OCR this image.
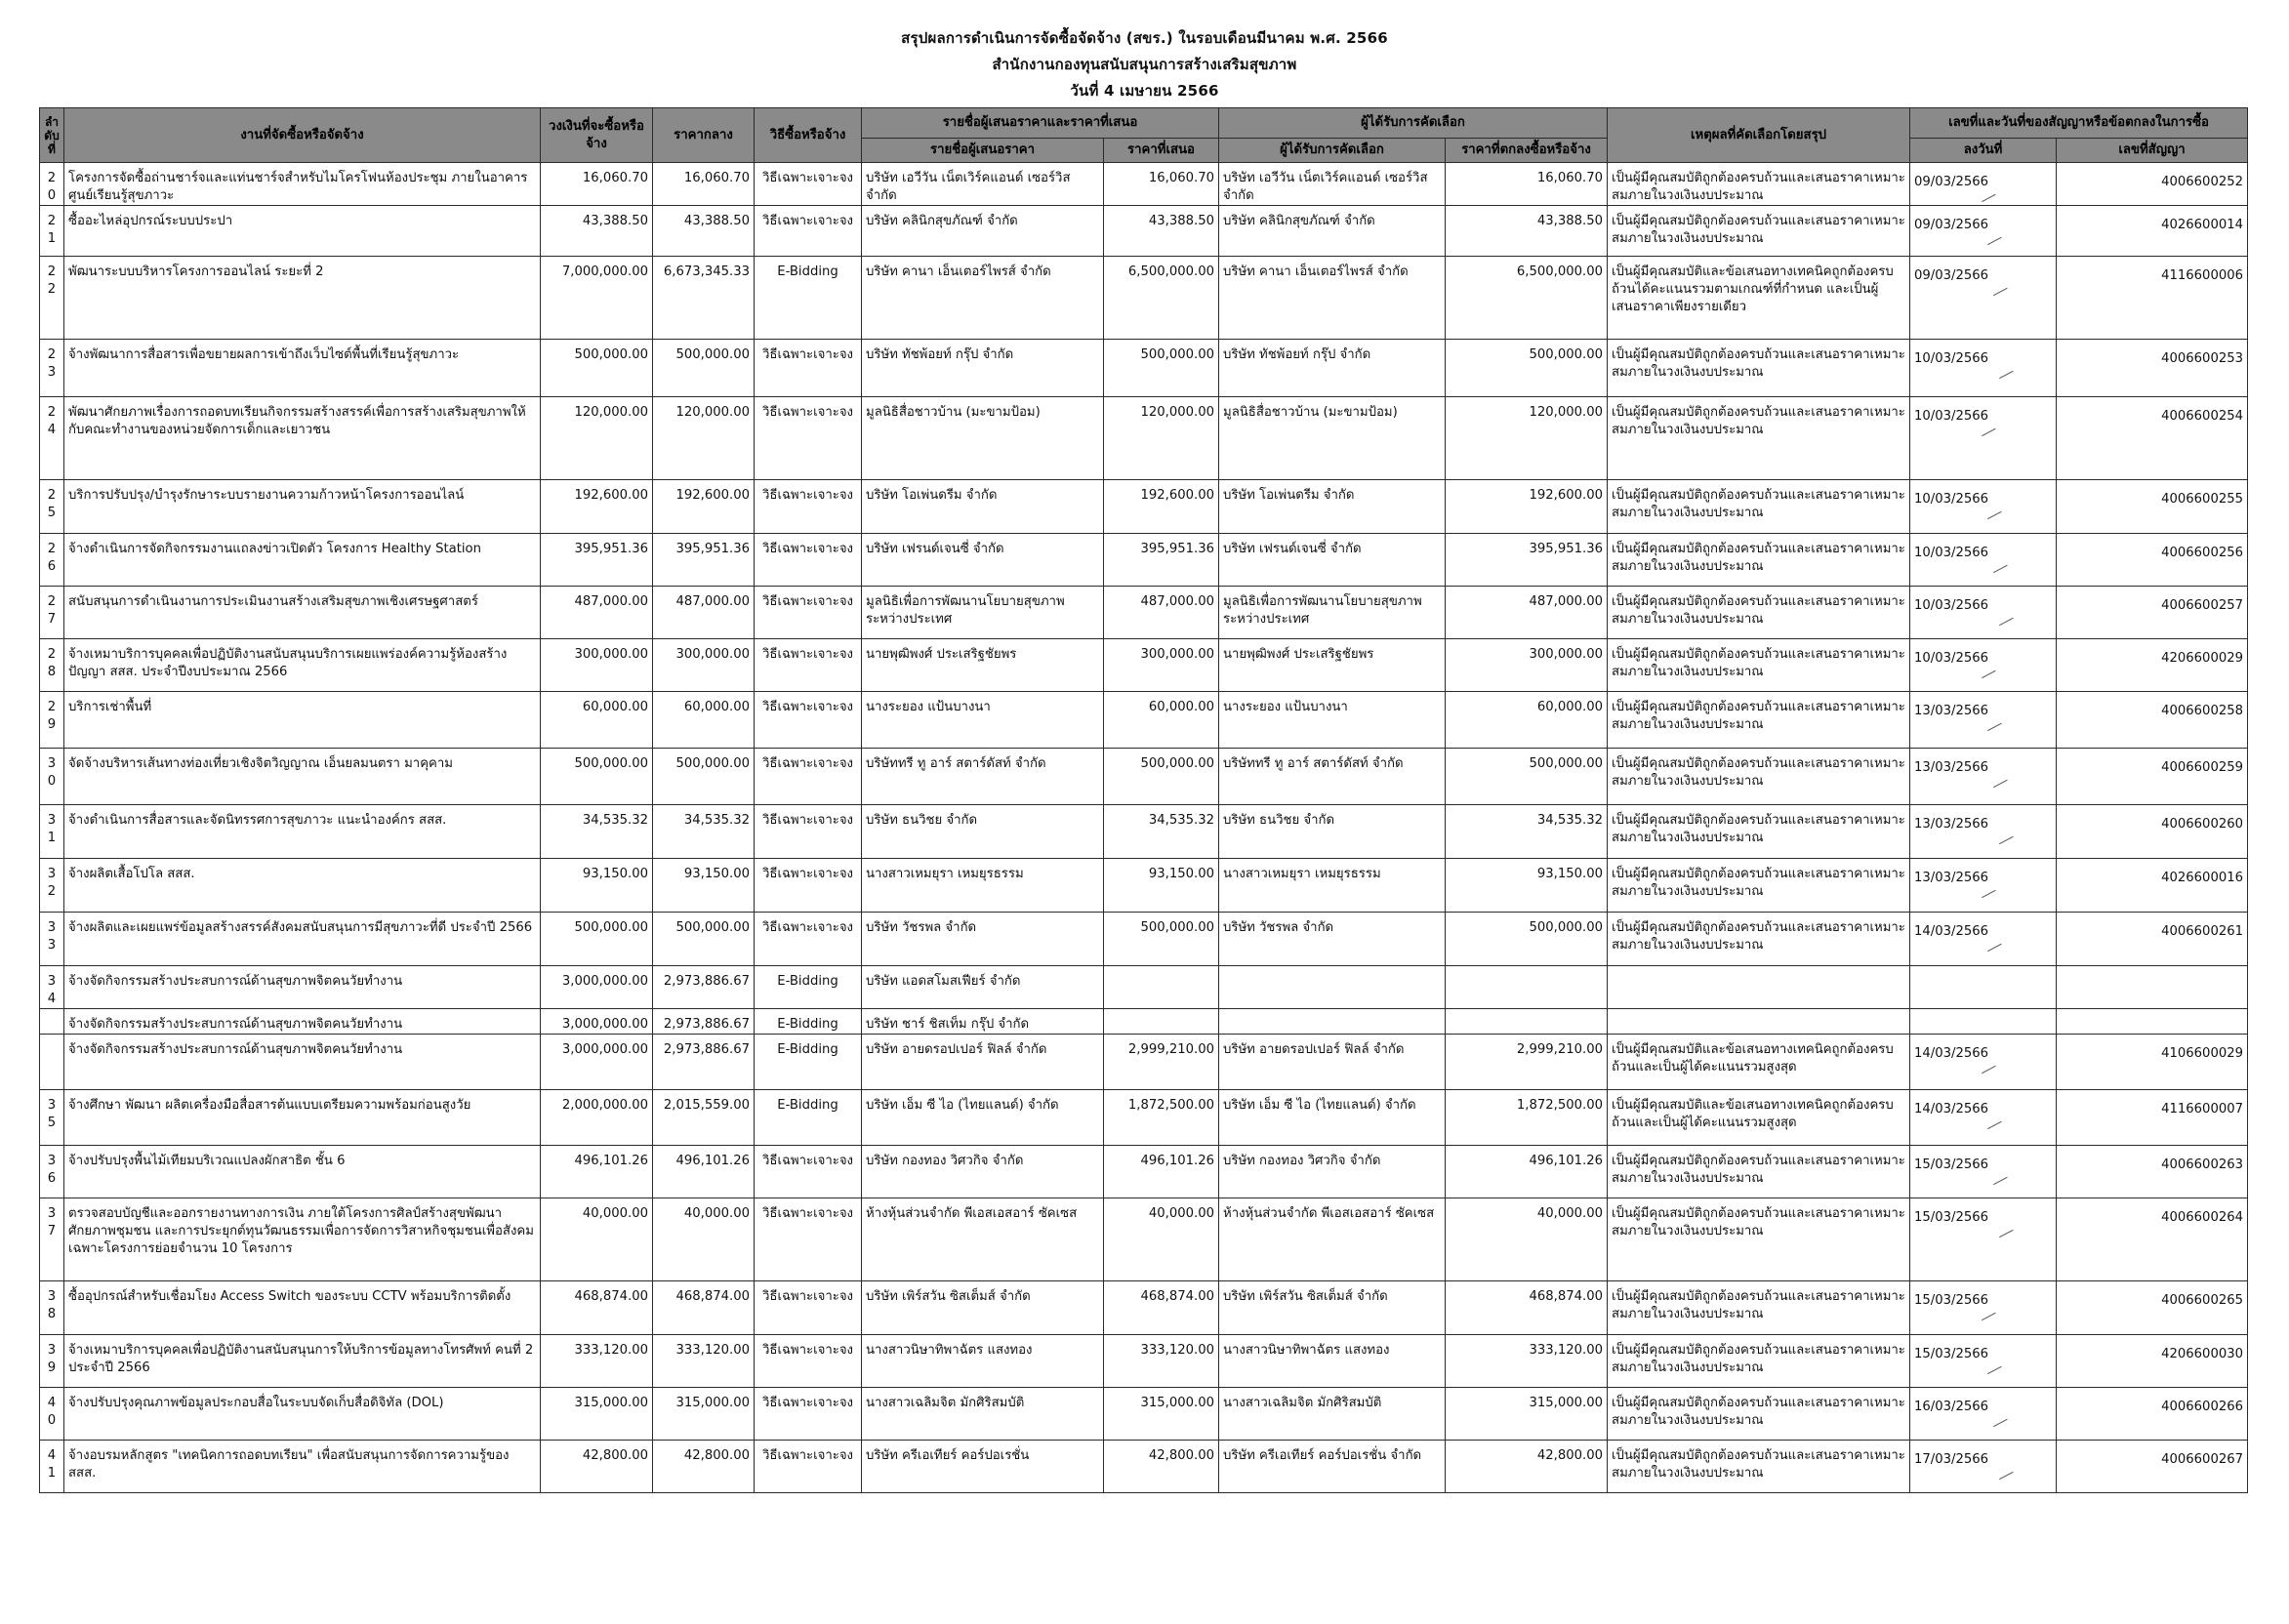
สรุปผลการดำเนินการจัดซื้อจัดจ้าง (สขร.) ในรอบเดือนมีนาคม พ.ศ. 2566
สำนักงานกองทุนสนับสนุนการสร้างเสริมสุขภาพ
วันที่ 4 เมษายน 2566
ลำดับที่	งานที่จัดซื้อหรือจัดจ้าง	วงเงินที่จะซื้อหรือจ้าง	ราคากลาง	วิธีซื้อหรือจ้าง	รายชื่อผู้เสนอราคาและราคาที่เสนอ		ผู้ได้รับการคัดเลือก		เหตุผลที่คัดเลือกโดยสรุป	เลขที่และวันที่ของสัญญาหรือข้อตกลงในการซื้อ	
					รายชื่อผู้เสนอราคา	ราคาที่เสนอ	ผู้ได้รับการคัดเลือก	ราคาที่ตกลงซื้อหรือจ้าง		ลงวันที่	เลขที่สัญญา
20	โครงการจัดซื้อถ่านชาร์จและแท่นชาร์จสำหรับไมโครโฟนห้องประชุม ภายในอาคารศูนย์เรียนรู้สุขภาวะ	16,060.70	16,060.70	วิธีเฉพาะเจาะจง	บริษัท เอวีวัน เน็ตเวิร์คแอนด์ เซอร์วิส จำกัด	16,060.70	บริษัท เอวีวัน เน็ตเวิร์คแอนด์ เซอร์วิส จำกัด	16,060.70	เป็นผู้มีคุณสมบัติถูกต้องครบถ้วนและเสนอราคาเหมาะสมภายในวงเงินงบประมาณ	09/03/2566	4006600252
21	ซื้ออะไหล่อุปกรณ์ระบบประปา	43,388.50	43,388.50	วิธีเฉพาะเจาะจง	บริษัท คลินิกสุขภัณฑ์ จำกัด	43,388.50	บริษัท คลินิกสุขภัณฑ์ จำกัด	43,388.50	เป็นผู้มีคุณสมบัติถูกต้องครบถ้วนและเสนอราคาเหมาะสมภายในวงเงินงบประมาณ	09/03/2566	4026600014
22	พัฒนาระบบบริหารโครงการออนไลน์ ระยะที่ 2	7,000,000.00	6,673,345.33	E-Bidding	บริษัท คานา เอ็นเตอร์ไพรส์ จำกัด	6,500,000.00	บริษัท คานา เอ็นเตอร์ไพรส์ จำกัด	6,500,000.00	เป็นผู้มีคุณสมบัติและข้อเสนอทางเทคนิคถูกต้องครบถ้วนได้คะแนนรวมตามเกณฑ์ที่กำหนด และเป็นผู้เสนอราคาเพียงรายเดียว	09/03/2566	4116600006
23	จ้างพัฒนาการสื่อสารเพื่อขยายผลการเข้าถึงเว็บไซต์พื้นที่เรียนรู้สุขภาวะ	500,000.00	500,000.00	วิธีเฉพาะเจาะจง	บริษัท ทัชพ้อยท์ กรุ๊ป จำกัด	500,000.00	บริษัท ทัชพ้อยท์ กรุ๊ป จำกัด	500,000.00	เป็นผู้มีคุณสมบัติถูกต้องครบถ้วนและเสนอราคาเหมาะสมภายในวงเงินงบประมาณ	10/03/2566	4006600253
24	พัฒนาศักยภาพเรื่องการถอดบทเรียนกิจกรรมสร้างสรรค์เพื่อการสร้างเสริมสุขภาพให้กับคณะทำงานของหน่วยจัดการเด็กและเยาวชน	120,000.00	120,000.00	วิธีเฉพาะเจาะจง	มูลนิธิสื่อชาวบ้าน (มะขามป้อม)	120,000.00	มูลนิธิสื่อชาวบ้าน (มะขามป้อม)	120,000.00	เป็นผู้มีคุณสมบัติถูกต้องครบถ้วนและเสนอราคาเหมาะสมภายในวงเงินงบประมาณ	10/03/2566	4006600254
25	บริการปรับปรุง/บำรุงรักษาระบบรายงานความก้าวหน้าโครงการออนไลน์	192,600.00	192,600.00	วิธีเฉพาะเจาะจง	บริษัท โอเพ่นดรีม จำกัด	192,600.00	บริษัท โอเพ่นดรีม จำกัด	192,600.00	เป็นผู้มีคุณสมบัติถูกต้องครบถ้วนและเสนอราคาเหมาะสมภายในวงเงินงบประมาณ	10/03/2566	4006600255
26	จ้างดำเนินการจัดกิจกรรมงานแถลงข่าวเปิดตัว โครงการ Healthy Station	395,951.36	395,951.36	วิธีเฉพาะเจาะจง	บริษัท เฟรนด์เจนซี่ จำกัด	395,951.36	บริษัท เฟรนด์เจนซี่ จำกัด	395,951.36	เป็นผู้มีคุณสมบัติถูกต้องครบถ้วนและเสนอราคาเหมาะสมภายในวงเงินงบประมาณ	10/03/2566	4006600256
27	สนับสนุนการดำเนินงานการประเมินงานสร้างเสริมสุขภาพเชิงเศรษฐศาสตร์	487,000.00	487,000.00	วิธีเฉพาะเจาะจง	มูลนิธิเพื่อการพัฒนานโยบายสุขภาพระหว่างประเทศ	487,000.00	มูลนิธิเพื่อการพัฒนานโยบายสุขภาพระหว่างประเทศ	487,000.00	เป็นผู้มีคุณสมบัติถูกต้องครบถ้วนและเสนอราคาเหมาะสมภายในวงเงินงบประมาณ	10/03/2566	4006600257
28	จ้างเหมาบริการบุคคลเพื่อปฏิบัติงานสนับสนุนบริการเผยแพร่องค์ความรู้ห้องสร้างปัญญา สสส. ประจำปีงบประมาณ 2566	300,000.00	300,000.00	วิธีเฉพาะเจาะจง	นายพุฒิพงศ์ ประเสริฐชัยพร	300,000.00	นายพุฒิพงศ์ ประเสริฐชัยพร	300,000.00	เป็นผู้มีคุณสมบัติถูกต้องครบถ้วนและเสนอราคาเหมาะสมภายในวงเงินงบประมาณ	10/03/2566	4206600029
29	บริการเช่าพื้นที่	60,000.00	60,000.00	วิธีเฉพาะเจาะจง	นางระยอง แป้นบางนา	60,000.00	นางระยอง แป้นบางนา	60,000.00	เป็นผู้มีคุณสมบัติถูกต้องครบถ้วนและเสนอราคาเหมาะสมภายในวงเงินงบประมาณ	13/03/2566	4006600258
30	จัดจ้างบริหารเส้นทางท่องเที่ยวเชิงจิตวิญญาณ เอ็นยลมนตรา มาคุคาม	500,000.00	500,000.00	วิธีเฉพาะเจาะจง	บริษัททรี ทู อาร์ สตาร์ดัสท์ จำกัด	500,000.00	บริษัททรี ทู อาร์ สตาร์ดัสท์ จำกัด	500,000.00	เป็นผู้มีคุณสมบัติถูกต้องครบถ้วนและเสนอราคาเหมาะสมภายในวงเงินงบประมาณ	13/03/2566	4006600259
31	จ้างดำเนินการสื่อสารและจัดนิทรรศการสุขภาวะ แนะนำองค์กร สสส.	34,535.32	34,535.32	วิธีเฉพาะเจาะจง	บริษัท ธนวิชย จำกัด	34,535.32	บริษัท ธนวิชย จำกัด	34,535.32	เป็นผู้มีคุณสมบัติถูกต้องครบถ้วนและเสนอราคาเหมาะสมภายในวงเงินงบประมาณ	13/03/2566	4006600260
32	จ้างผลิตเสื้อโปโล สสส.	93,150.00	93,150.00	วิธีเฉพาะเจาะจง	นางสาวเหมยุรา เหมยุรธรรม	93,150.00	นางสาวเหมยุรา เหมยุรธรรม	93,150.00	เป็นผู้มีคุณสมบัติถูกต้องครบถ้วนและเสนอราคาเหมาะสมภายในวงเงินงบประมาณ	13/03/2566	4026600016
33	จ้างผลิตและเผยแพร่ข้อมูลสร้างสรรค์สังคมสนับสนุนการมีสุขภาวะที่ดี ประจำปี 2566	500,000.00	500,000.00	วิธีเฉพาะเจาะจง	บริษัท วัชรพล จำกัด	500,000.00	บริษัท วัชรพล จำกัด	500,000.00	เป็นผู้มีคุณสมบัติถูกต้องครบถ้วนและเสนอราคาเหมาะสมภายในวงเงินงบประมาณ	14/03/2566	4006600261
34	จ้างจัดกิจกรรมสร้างประสบการณ์ด้านสุขภาพจิตคนวัยทำงาน	3,000,000.00	2,973,886.67	E-Bidding	บริษัท แอดสโมสเฟียร์ จำกัด						
	จ้างจัดกิจกรรมสร้างประสบการณ์ด้านสุขภาพจิตคนวัยทำงาน	3,000,000.00	2,973,886.67	E-Bidding	บริษัท ชาร์ ชิสเท็ม กรุ๊ป จำกัด						
	จ้างจัดกิจกรรมสร้างประสบการณ์ด้านสุขภาพจิตคนวัยทำงาน	3,000,000.00	2,973,886.67	E-Bidding	บริษัท อายดรอปเปอร์ ฟิลล์ จำกัด	2,999,210.00	บริษัท อายดรอปเปอร์ ฟิลล์ จำกัด	2,999,210.00	เป็นผู้มีคุณสมบัติและข้อเสนอทางเทคนิคถูกต้องครบถ้วนและเป็นผู้ได้คะแนนรวมสูงสุด	14/03/2566	4106600029
35	จ้างศึกษา พัฒนา ผลิตเครื่องมือสื่อสารต้นแบบเตรียมความพร้อมก่อนสูงวัย	2,000,000.00	2,015,559.00	E-Bidding	บริษัท เอ็ม ซี ไอ (ไทยแลนด์) จำกัด	1,872,500.00	บริษัท เอ็ม ซี ไอ (ไทยแลนด์) จำกัด	1,872,500.00	เป็นผู้มีคุณสมบัติและข้อเสนอทางเทคนิคถูกต้องครบถ้วนและเป็นผู้ได้คะแนนรวมสูงสุด	14/03/2566	4116600007
36	จ้างปรับปรุงพื้นไม้เทียมบริเวณแปลงผักสาธิต ชั้น 6	496,101.26	496,101.26	วิธีเฉพาะเจาะจง	บริษัท กองทอง วิศวกิจ จำกัด	496,101.26	บริษัท กองทอง วิศวกิจ จำกัด	496,101.26	เป็นผู้มีคุณสมบัติถูกต้องครบถ้วนและเสนอราคาเหมาะสมภายในวงเงินงบประมาณ	15/03/2566	4006600263
37	ตรวจสอบบัญชีและออกรายงานทางการเงิน ภายใต้โครงการศิลป์สร้างสุขพัฒนาศักยภาพชุมชน และการประยุกต์ทุนวัฒนธรรมเพื่อการจัดการวิสาหกิจชุมชนเพื่อสังคม เฉพาะโครงการย่อยจำนวน 10 โครงการ	40,000.00	40,000.00	วิธีเฉพาะเจาะจง	ห้างหุ้นส่วนจำกัด พีเอสเอสอาร์ ซัคเซส	40,000.00	ห้างหุ้นส่วนจำกัด พีเอสเอสอาร์ ซัคเซส	40,000.00	เป็นผู้มีคุณสมบัติถูกต้องครบถ้วนและเสนอราคาเหมาะสมภายในวงเงินงบประมาณ	15/03/2566	4006600264
38	ซื้ออุปกรณ์สำหรับเชื่อมโยง Access Switch ของระบบ CCTV พร้อมบริการติดตั้ง	468,874.00	468,874.00	วิธีเฉพาะเจาะจง	บริษัท เพิร์สวัน ซิสเต็มส์ จำกัด	468,874.00	บริษัท เพิร์สวัน ซิสเต็มส์ จำกัด	468,874.00	เป็นผู้มีคุณสมบัติถูกต้องครบถ้วนและเสนอราคาเหมาะสมภายในวงเงินงบประมาณ	15/03/2566	4006600265
39	จ้างเหมาบริการบุคคลเพื่อปฏิบัติงานสนับสนุนการให้บริการข้อมูลทางโทรศัพท์ คนที่ 2 ประจำปี 2566	333,120.00	333,120.00	วิธีเฉพาะเจาะจง	นางสาวนิษาทิพาฉัตร แสงทอง	333,120.00	นางสาวนิษาทิพาฉัตร แสงทอง	333,120.00	เป็นผู้มีคุณสมบัติถูกต้องครบถ้วนและเสนอราคาเหมาะสมภายในวงเงินงบประมาณ	15/03/2566	4206600030
40	จ้างปรับปรุงคุณภาพข้อมูลประกอบสื่อในระบบจัดเก็บสื่อดิจิทัล (DOL)	315,000.00	315,000.00	วิธีเฉพาะเจาะจง	นางสาวเฉลิมจิต มักศิริสมบัติ	315,000.00	นางสาวเฉลิมจิต มักศิริสมบัติ	315,000.00	เป็นผู้มีคุณสมบัติถูกต้องครบถ้วนและเสนอราคาเหมาะสมภายในวงเงินงบประมาณ	16/03/2566	4006600266
41	จ้างอบรมหลักสูตร "เทคนิคการถอดบทเรียน" เพื่อสนับสนุนการจัดการความรู้ของ สสส.	42,800.00	42,800.00	วิธีเฉพาะเจาะจง	บริษัท ครีเอเทียร์ คอร์ปอเรชั่น	42,800.00	บริษัท ครีเอเทียร์ คอร์ปอเรชั่น จำกัด	42,800.00	เป็นผู้มีคุณสมบัติถูกต้องครบถ้วนและเสนอราคาเหมาะสมภายในวงเงินงบประมาณ	17/03/2566	4006600267
